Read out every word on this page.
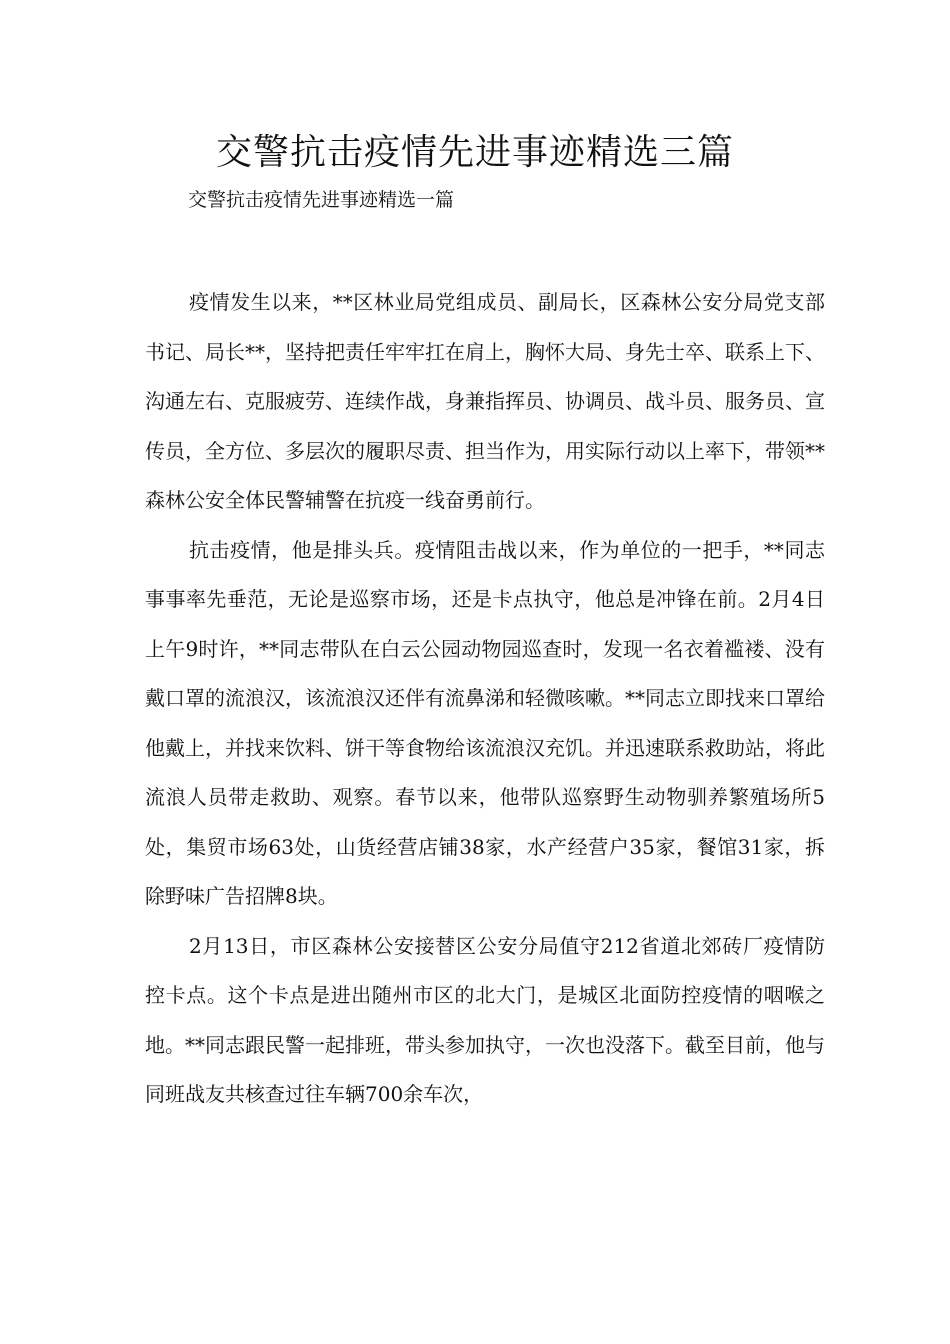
交警抗击疫情先进事迹精选三篇

交警抗击疫情先进事迹精选一篇

疫情发生以来，**区林业局党组成员、副局长，区森林公安分局党支部书记、局长**，坚持把责任牢牢扛在肩上，胸怀大局、身先士卒、联系上下、沟通左右、克服疲劳、连续作战，身兼指挥员、协调员、战斗员、服务员、宣传员，全方位、多层次的履职尽责、担当作为，用实际行动以上率下，带领**森林公安全体民警辅警在抗疫一线奋勇前行。

抗击疫情，他是排头兵。疫情阻击战以来，作为单位的一把手，**同志事事率先垂范，无论是巡察市场，还是卡点执守，他总是冲锋在前。2月4日上午9时许，**同志带队在白云公园动物园巡查时，发现一名衣着褴褛、没有戴口罩的流浪汉，该流浪汉还伴有流鼻涕和轻微咳嗽。**同志立即找来口罩给他戴上，并找来饮料、饼干等食物给该流浪汉充饥。并迅速联系救助站，将此流浪人员带走救助、观察。春节以来，他带队巡察野生动物驯养繁殖场所5处，集贸市场63处，山货经营店铺38家，水产经营户35家，餐馆31家，拆除野味广告招牌8块。

2月13日，市区森林公安接替区公安分局值守212省道北郊砖厂疫情防控卡点。这个卡点是进出随州市区的北大门，是城区北面防控疫情的咽喉之地。**同志跟民警一起排班，带头参加执守，一次也没落下。截至目前，他与同班战友共核查过往车辆700余车次，
